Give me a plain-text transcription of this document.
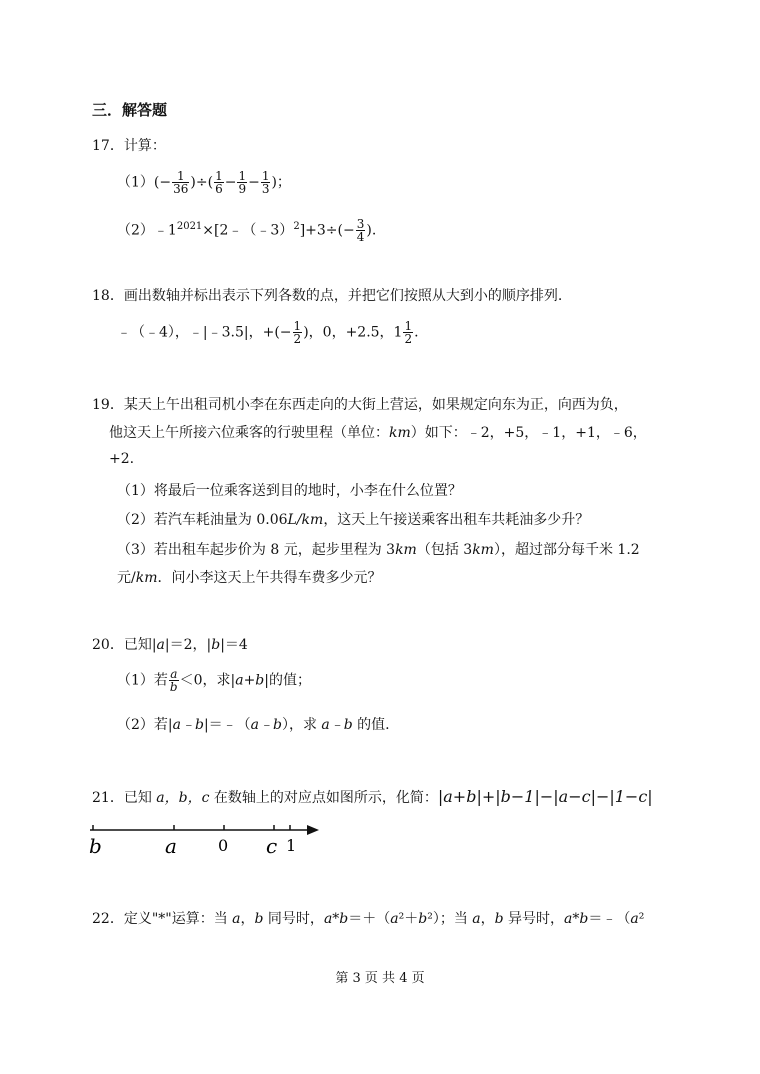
三．解答题
17．计算：
$(1)(- \frac{1}{36}$ )÷( $\frac{1}{6} - \frac{1}{9} - \frac{1}{3}$ )；
$(2)﹣1^{2021}\times[2﹣(﹣3)^2]+3\div(- \frac{3}{4}$ ).
18．画出数轴并标出表示下列各数的点，并把它们按照从大到小的顺序排列.
﹣（﹣4），﹣|﹣3.5|，+(− $\frac{1}{2}$ )，0，+2.5，$1 \frac{1}{2}$ .
19．某天上午出租司机小李在东西走向的大街上营运，如果规定向东为正，向西为负，
他这天上午所接六位乘客的行驶里程（单位：km）如下：﹣2，+5，﹣1，+1，﹣6，
+2.
（1）将最后一位乘客送到目的地时，小李在什么位置？
（2）若汽车耗油量为 0.06L/km，这天上午接送乘客出租车共耗油多少升？
（3）若出租车起步价为 8 元，起步里程为 3km（包括 3km），超过部分每千米 1.2
元/km．问小李这天上午共得车费多少元？
20．已知|a|＝2，|b|＝4
（1）若 $\frac{a}{b} <0$，求|a+b|的值；
（2）若|a﹣b|＝﹣（a﹣b），求 a﹣b 的值.
21．已知 a，b，c 在数轴上的对应点如图所示，化简：|a+b|+|b−1|−|a−c|−|1−c|
b	a	0 c 1
22．定义"*"运算：当 a，b 同号时，a*b＝＋（a²＋b²）；当 a，b 异号时，a*b＝﹣（a²
第 3 页 共 4 页
